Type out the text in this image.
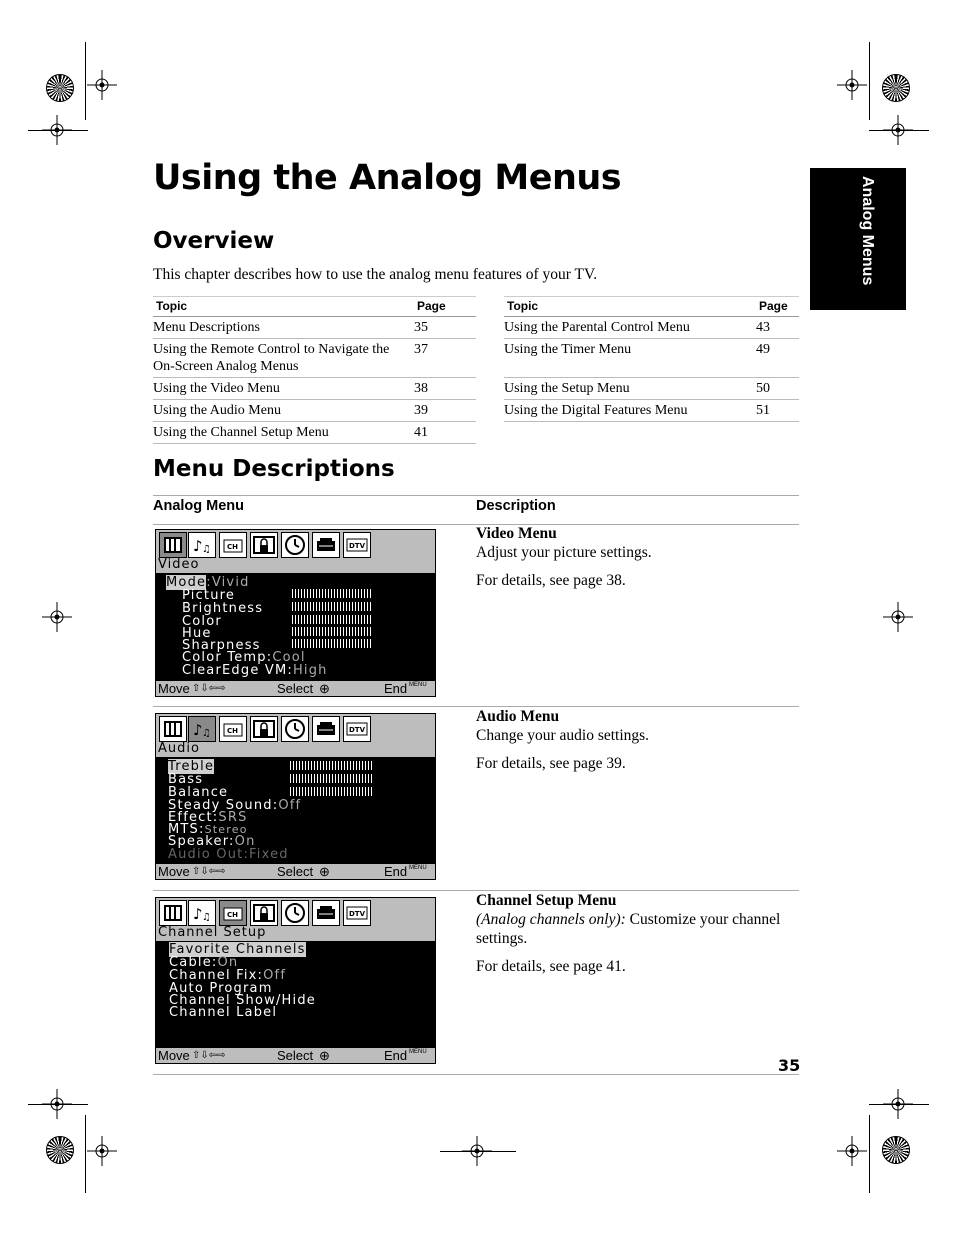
Analog Menus
Using the Analog Menus
Overview
This chapter describes how to use the analog menu features of your TV.
Topic	Page
Menu Descriptions	35
Using the Remote Control to Navigate the On-Screen Analog Menus	37
Using the Video Menu	38
Using the Audio Menu	39
Using the Channel Setup Menu	41
Topic	Page
Using the Parental Control Menu	43
Using the Timer Menu	49
Using the Setup Menu	50
Using the Digital Features Menu	51
Menu Descriptions
Analog Menu	Description
♪ ♫ CH	DTV
Video
Mode:Vivid
Picture
Brightness
Color
Hue
Sharpness
Color Temp:Cool
ClearEdge VM:High
Move ⇧⇩⇦⇨	Select ⊕	End MENU

Video Menu

Adjust your picture settings.

For details, see page 38.

♪ ♫ CH	DTV
Audio
Treble
Bass
Balance
Steady Sound:Off
Effect:SRS
MTS:Stereo
Speaker:On
Audio Out:Fixed
Move ⇧⇩⇦⇨	Select ⊕	End MENU

Audio Menu

Change your audio settings.

For details, see page 39.

♪ ♫ CH	DTV
Channel Setup
Favorite Channels
Cable:On
Channel Fix:Off
Auto Program
Channel Show/Hide
Channel Label
Move ⇧⇩⇦⇨	Select ⊕	End MENU

Channel Setup Menu

(Analog channels only): Customize your channel settings.

For details, see page 41.

35
